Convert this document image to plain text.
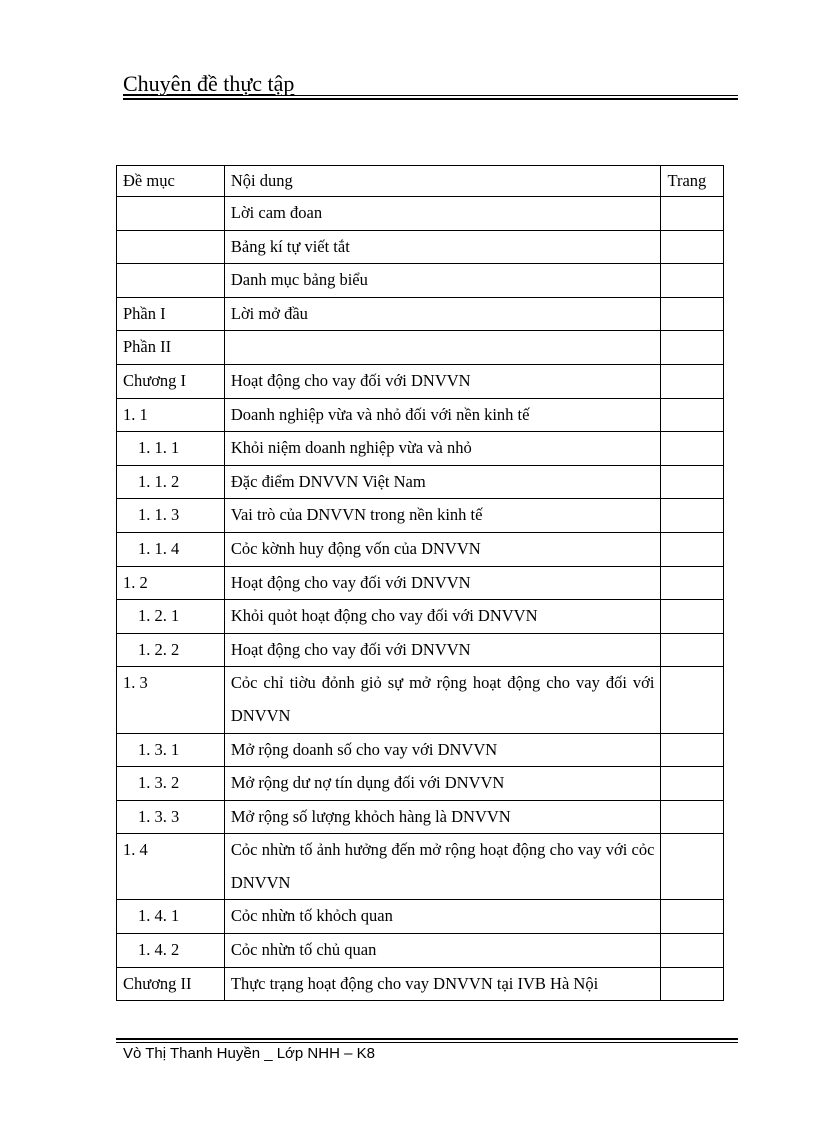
Chuyên đề thực tập
Đề mục	Nội dung	Trang
	Lời cam đoan	
	Bảng kí tự viết tắt	
	Danh mục bảng biểu	
Phần I	Lời mở đầu	
Phần II		
Chương I	Hoạt động cho vay đối với DNVVN	
1. 1	Doanh nghiệp vừa và nhỏ đối với nền kinh tế	
1. 1. 1	Khỏi niệm doanh nghiệp vừa và nhỏ	
1. 1. 2	Đặc điểm DNVVN Việt Nam	
1. 1. 3	Vai trò của DNVVN trong nền kinh tế	
1. 1. 4	Cỏc kờnh huy động vốn của DNVVN	
1. 2	Hoạt động cho vay đối với DNVVN	
1. 2. 1	Khỏi quỏt hoạt động cho vay đối với DNVVN	
1. 2. 2	Hoạt động cho vay đối với DNVVN	
1. 3	Cỏc chỉ tiờu đỏnh giỏ sự mở rộng hoạt động cho vay đối với DNVVN	
1. 3. 1	Mở rộng doanh số cho vay với DNVVN	
1. 3. 2	Mở rộng dư nợ tín dụng đối với DNVVN	
1. 3. 3	Mở rộng số lượng khỏch hàng là DNVVN	
1. 4	Cỏc nhừn tố ảnh hưởng đến mở rộng hoạt động cho vay với cỏc DNVVN	
1. 4. 1	Cỏc nhừn tố khỏch quan	
1. 4. 2	Cỏc nhừn tố chủ quan	
Chương II	Thực trạng hoạt động cho vay DNVVN tại IVB Hà Nội	
Vò Thị Thanh Huyền _ Lớp NHH – K8
